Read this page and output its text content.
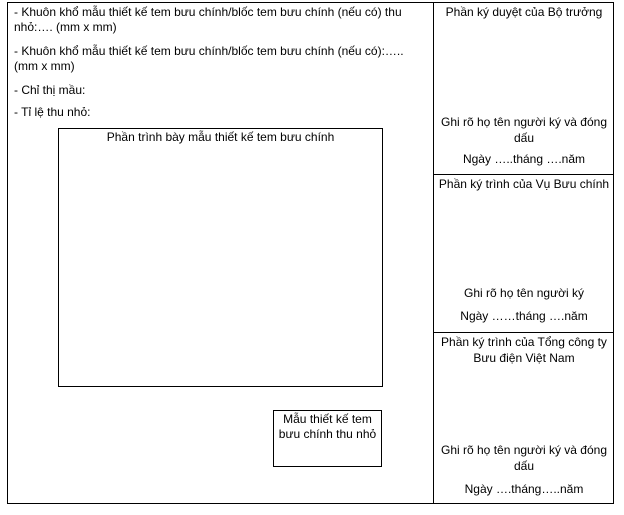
- Khuôn khổ mẫu thiết kế tem bưu chính/blốc tem bưu chính (nếu có) thu nhỏ:…. (mm x mm)
- Khuôn khổ mẫu thiết kế tem bưu chính/blốc tem bưu chính (nếu có):….. (mm x mm)
- Chỉ thị mầu:
- Tỉ lệ thu nhỏ:
Phần trình bày mẫu thiết kế tem bưu chính
Mẫu thiết kế tem bưu chính thu nhỏ
Phần ký duyệt của Bộ trưởng
Ghi rõ họ tên người ký và đóng dấu
Ngày …..tháng ….năm
Phần ký trình của Vụ Bưu chính
Ghi rõ họ tên người ký
Ngày ……tháng ….năm
Phần ký trình của Tổng công ty Bưu điện Việt Nam
Ghi rõ họ tên người ký và đóng dấu
Ngày ….tháng…..năm
